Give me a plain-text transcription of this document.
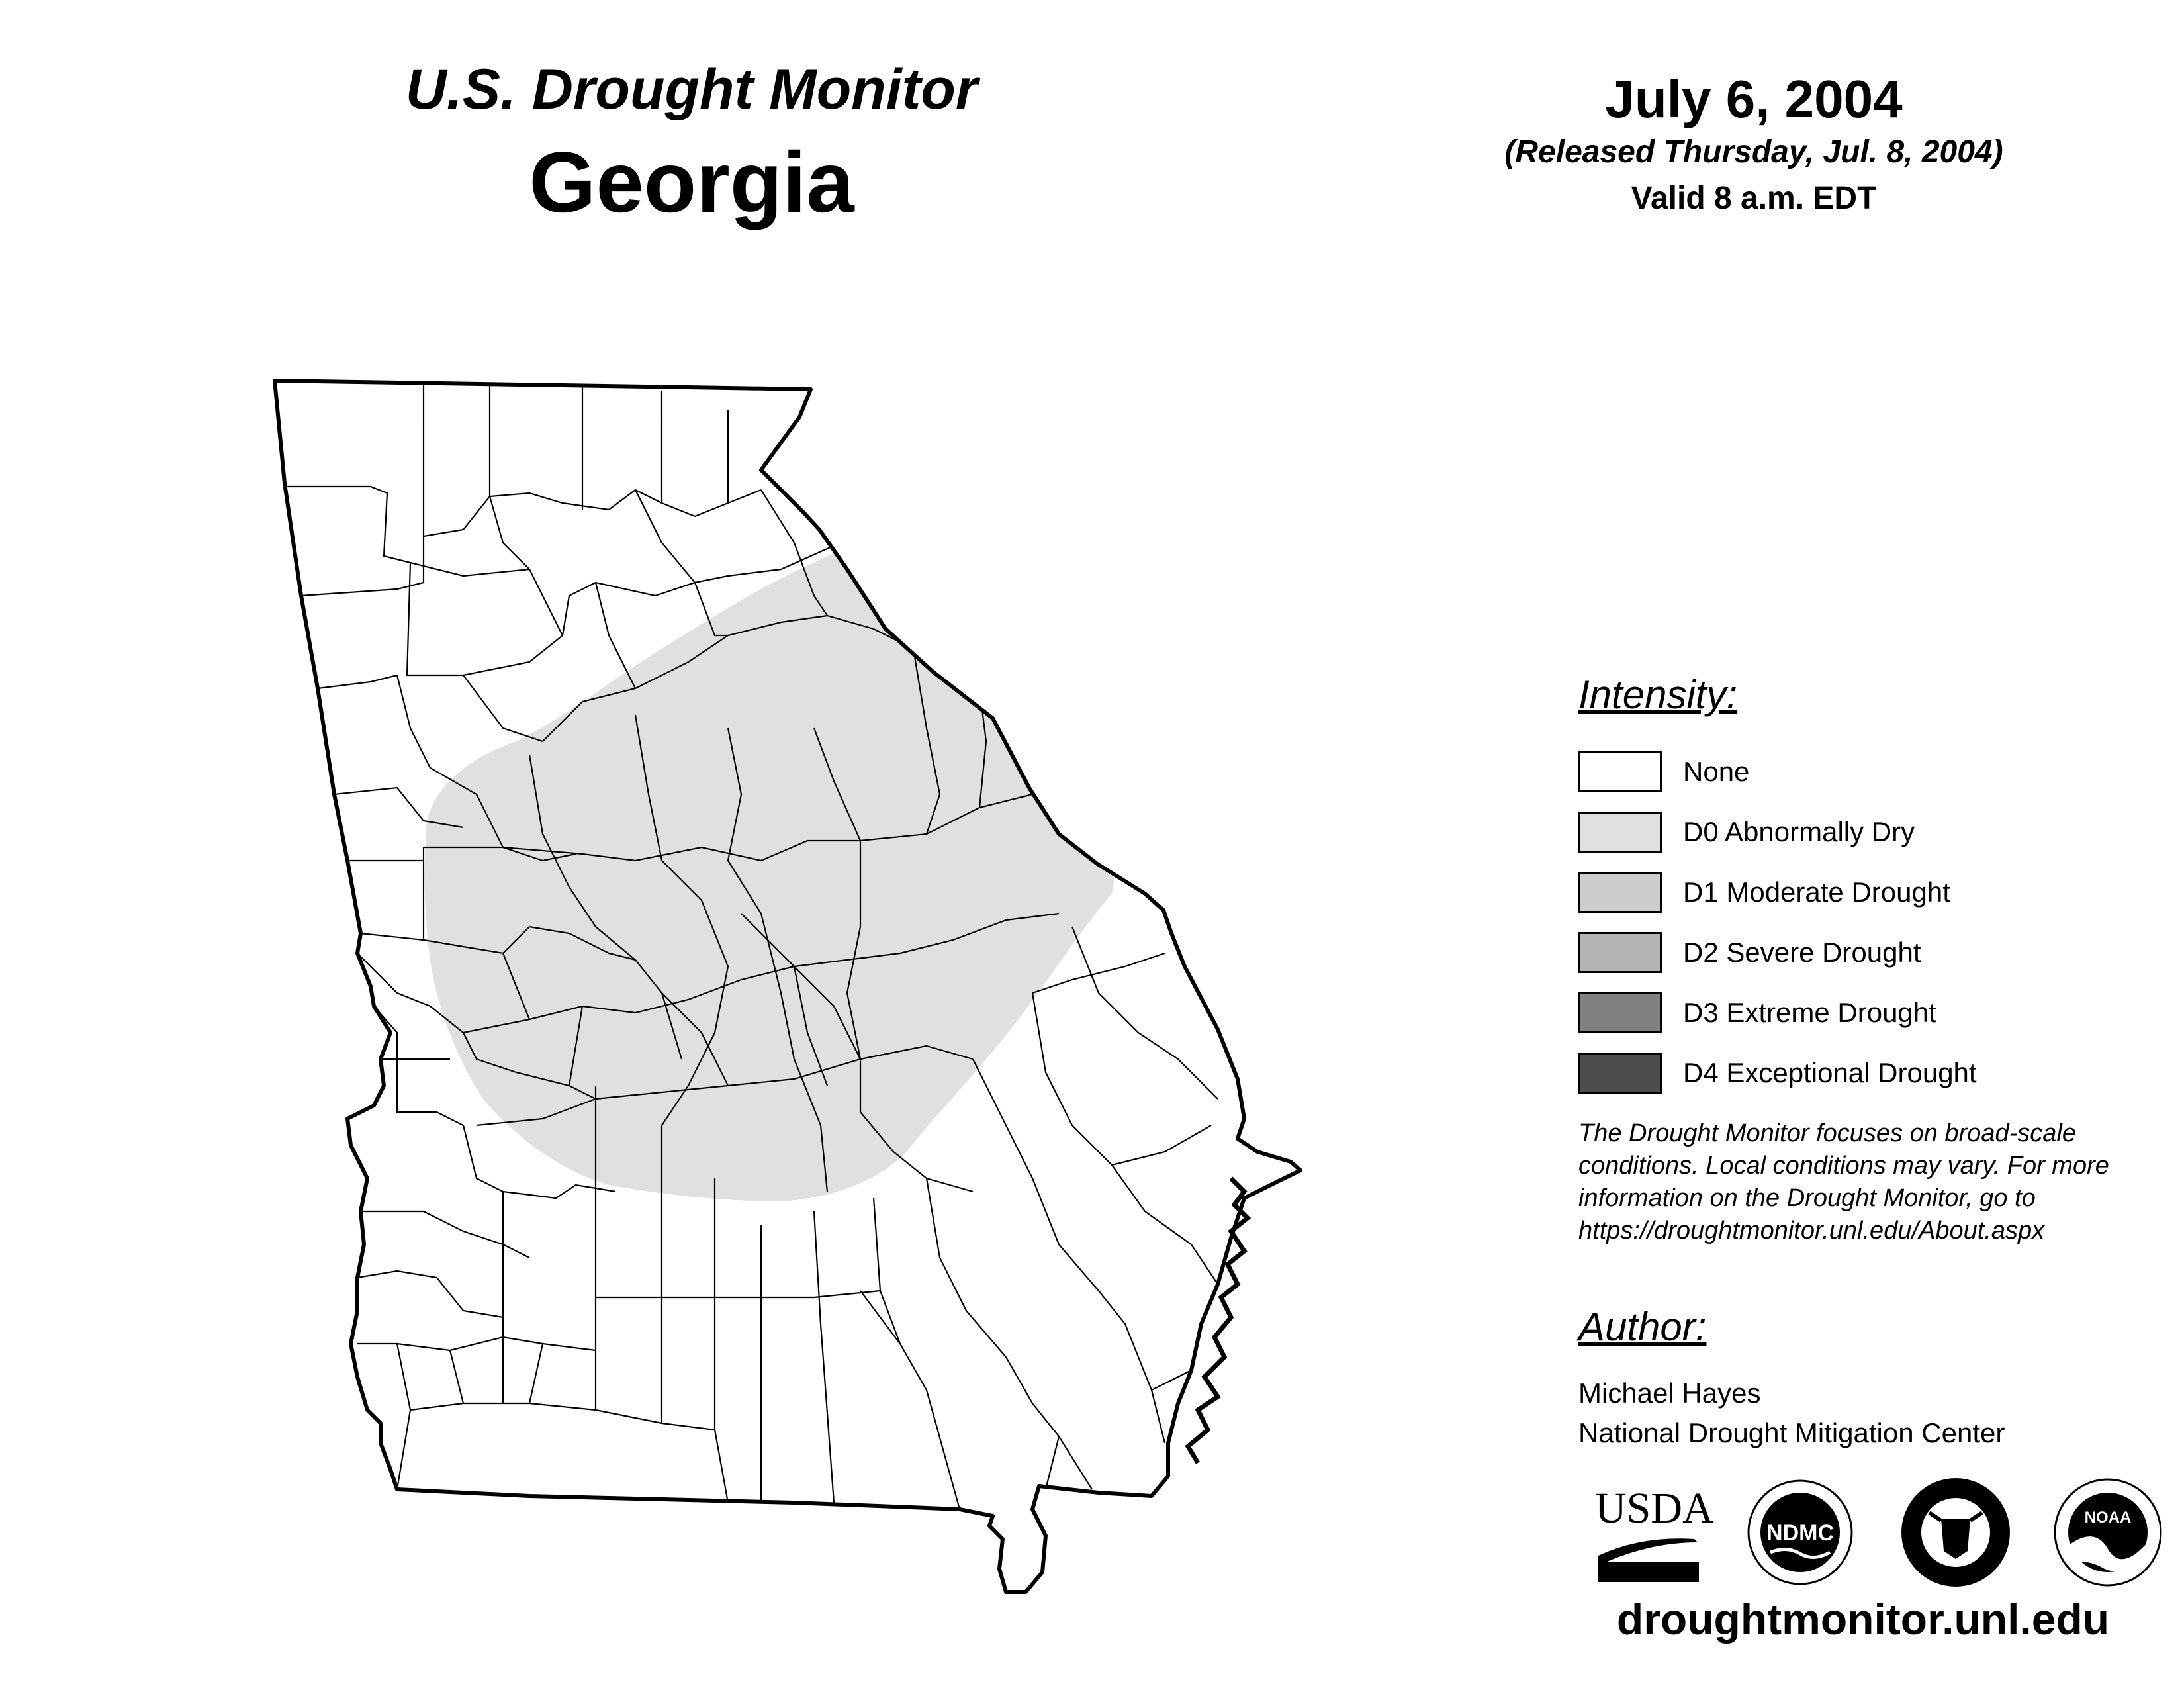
U.S. Drought Monitor
Georgia
July 6, 2004
(Released Thursday, Jul. 8, 2004)
Valid 8 a.m. EDT
Intensity:
None
D0 Abnormally Dry
D1 Moderate Drought
D2 Severe Drought
D3 Extreme Drought
D4 Exceptional Drought
The Drought Monitor focuses on broad-scale conditions. Local conditions may vary. For more information on the Drought Monitor, go to https://droughtmonitor.unl.edu/About.aspx
Author:
Michael Hayes
National Drought Mitigation Center
USDA
NDMC
NOAA
droughtmonitor.unl.edu
